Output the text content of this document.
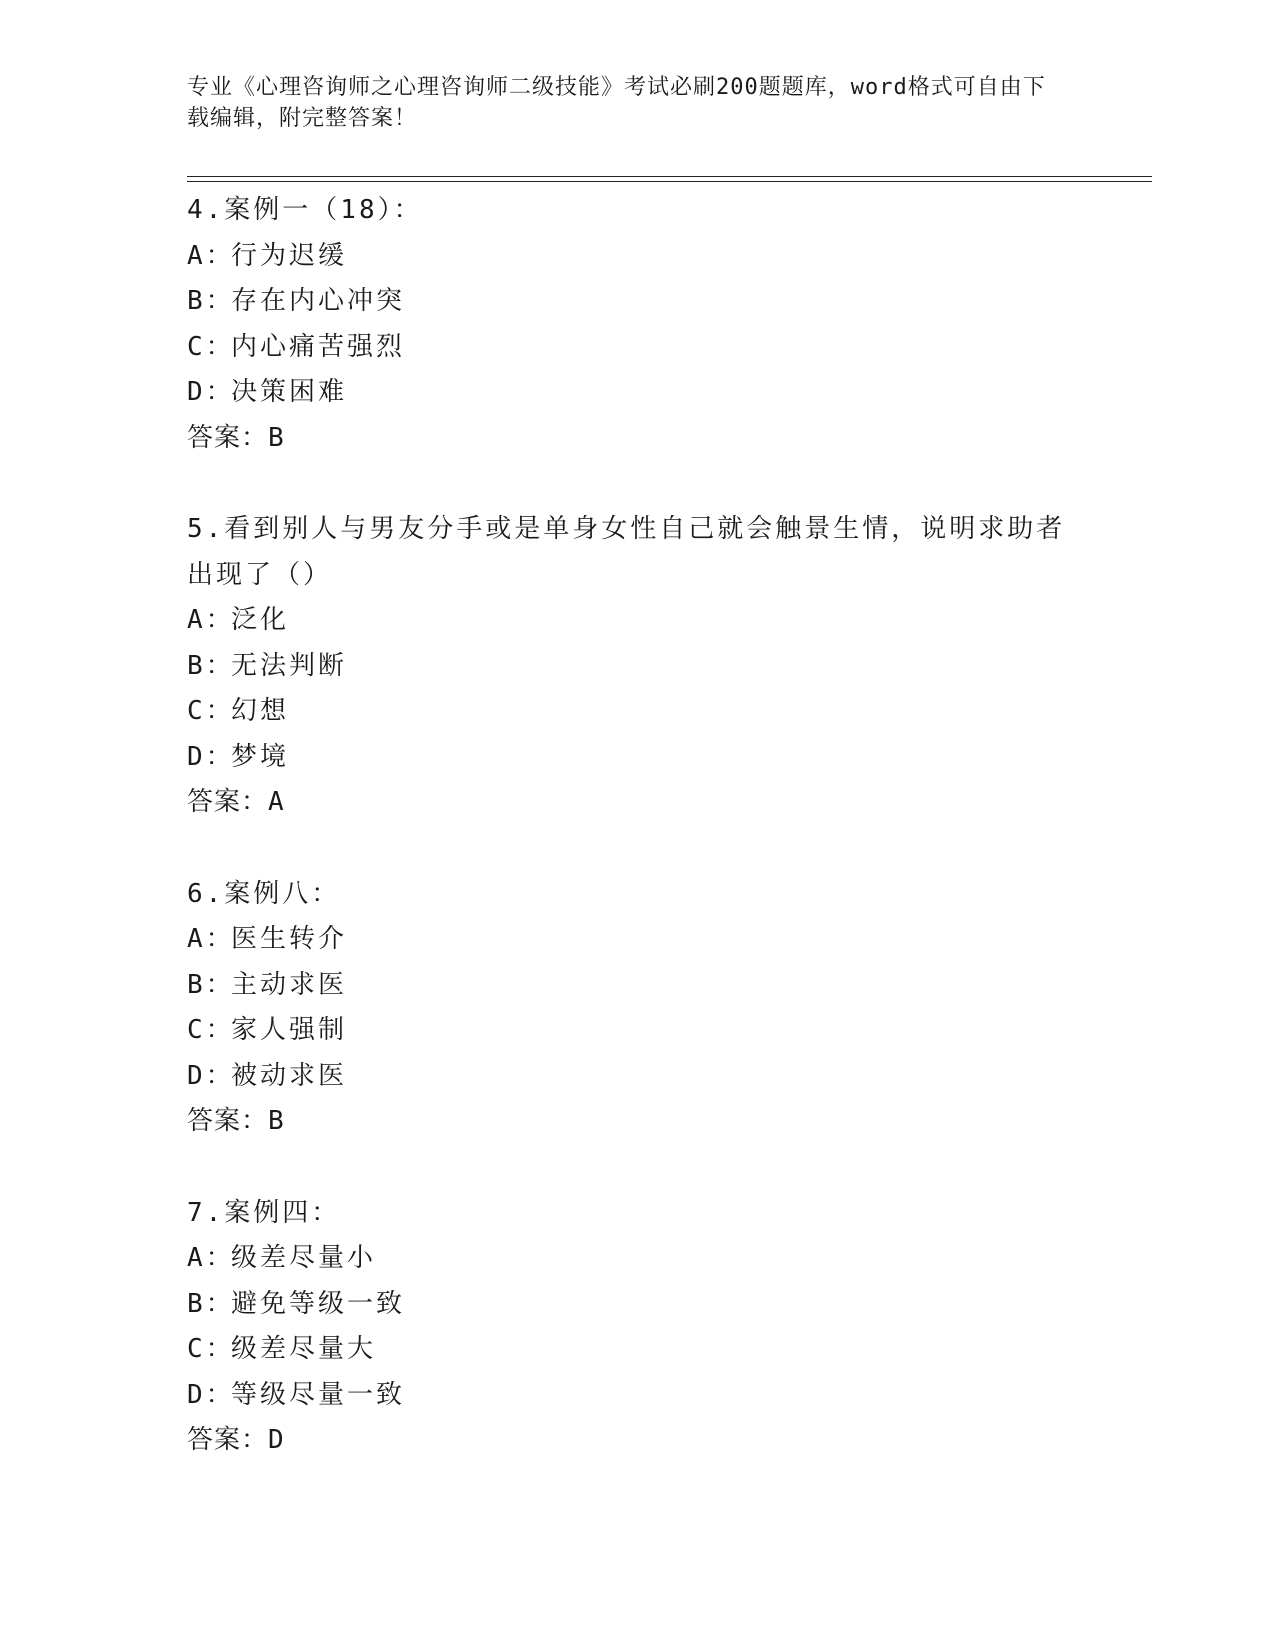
专业《心理咨询师之心理咨询师二级技能》考试必刷200题题库，word格式可自由下载编辑，附完整答案！
4.案例一（18）：
A：行为迟缓
B：存在内心冲突
C：内心痛苦强烈
D：决策困难
答案：B
5.看到别人与男友分手或是单身女性自己就会触景生情，说明求助者出现了（）
A：泛化
B：无法判断
C：幻想
D：梦境
答案：A
6.案例八：
A：医生转介
B：主动求医
C：家人强制
D：被动求医
答案：B
7.案例四：
A：级差尽量小
B：避免等级一致
C：级差尽量大
D：等级尽量一致
答案：D
